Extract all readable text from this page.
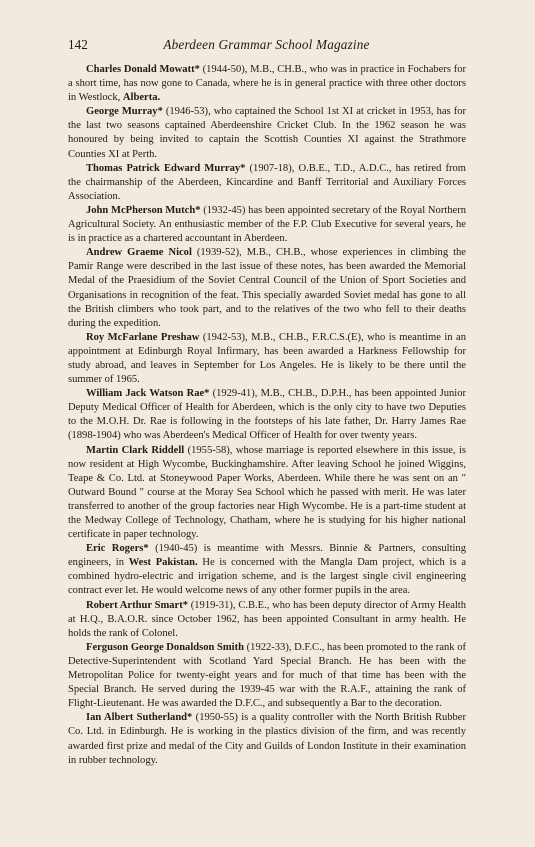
142	Aberdeen Grammar School Magazine

Charles Donald Mowatt* (1944-50), M.B., CH.B., who was in practice in Fochabers for a short time, has now gone to Canada, where he is in general practice with three other doctors in Westlock, Alberta.

George Murray* (1946-53), who captained the School 1st XI at cricket in 1953, has for the last two seasons captained Aberdeenshire Cricket Club. In the 1962 season he was honoured by being invited to captain the Scottish Counties XI against the Strathmore Counties XI at Perth.

Thomas Patrick Edward Murray* (1907-18), O.B.E., T.D., A.D.C., has retired from the chairmanship of the Aberdeen, Kincardine and Banff Territorial and Auxiliary Forces Association.

John McPherson Mutch* (1932-45) has been appointed secretary of the Royal Northern Agricultural Society. An enthusiastic member of the F.P. Club Executive for several years, he is in practice as a chartered accountant in Aberdeen.

Andrew Graeme Nicol (1939-52), M.B., CH.B., whose experiences in climbing the Pamir Range were described in the last issue of these notes, has been awarded the Memorial Medal of the Praesidium of the Soviet Central Council of the Union of Sport Societies and Organisations in recognition of the feat. This specially awarded Soviet medal has gone to all the British climbers who took part, and to the relatives of the two who fell to their deaths during the expedition.

Roy McFarlane Preshaw (1942-53), M.B., CH.B., F.R.C.S.(E), who is meantime in an appointment at Edinburgh Royal Infirmary, has been awarded a Harkness Fellowship for study abroad, and leaves in September for Los Angeles. He is likely to be there until the summer of 1965.

William Jack Watson Rae* (1929-41), M.B., CH.B., D.P.H., has been appointed Junior Deputy Medical Officer of Health for Aberdeen, which is the only city to have two Deputies to the M.O.H. Dr. Rae is following in the footsteps of his late father, Dr. Harry James Rae (1898-1904) who was Aberdeen's Medical Officer of Health for over twenty years.

Martin Clark Riddell (1955-58), whose marriage is reported elsewhere in this issue, is now resident at High Wycombe, Buckinghamshire. After leaving School he joined Wiggins, Teape & Co. Ltd. at Stoneywood Paper Works, Aberdeen. While there he was sent on an " Outward Bound " course at the Moray Sea School which he passed with merit. He was later transferred to another of the group factories near High Wycombe. He is a part-time student at the Medway College of Technology, Chatham, where he is studying for his higher national certificate in paper technology.

Eric Rogers* (1940-45) is meantime with Messrs. Binnie & Partners, consulting engineers, in West Pakistan. He is concerned with the Mangla Dam project, which is a combined hydro-electric and irrigation scheme, and is the largest single civil engineering contract ever let. He would welcome news of any other former pupils in the area.

Robert Arthur Smart* (1919-31), C.B.E., who has been deputy director of Army Health at H.Q., B.A.O.R. since October 1962, has been appointed Consultant in army health. He holds the rank of Colonel.

Ferguson George Donaldson Smith (1922-33), D.F.C., has been promoted to the rank of Detective-Superintendent with Scotland Yard Special Branch. He has been with the Metropolitan Police for twenty-eight years and for much of that time has been with the Special Branch. He served during the 1939-45 war with the R.A.F., attaining the rank of Flight-Lieutenant. He was awarded the D.F.C., and subsequently a Bar to the decoration.

Ian Albert Sutherland* (1950-55) is a quality controller with the North British Rubber Co. Ltd. in Edinburgh. He is working in the plastics division of the firm, and was recently awarded first prize and medal of the City and Guilds of London Institute in their examination in rubber technology.
